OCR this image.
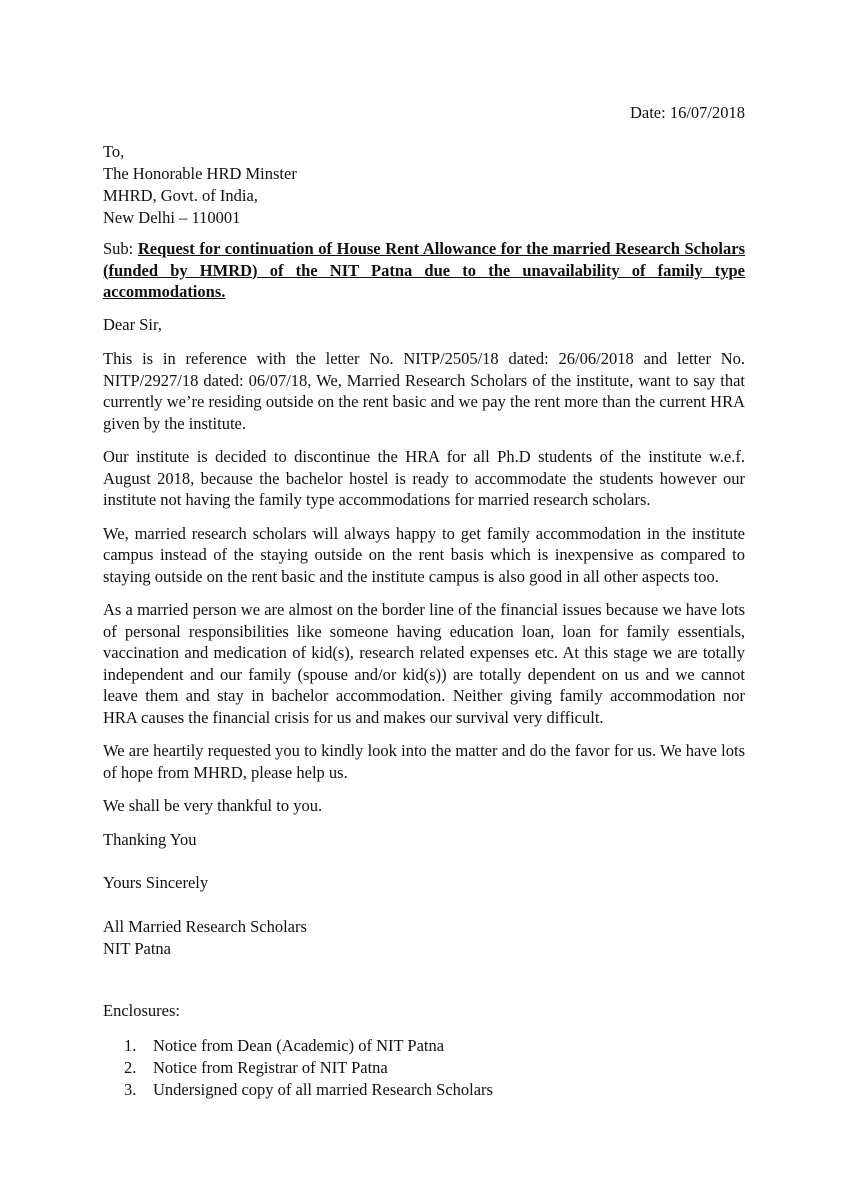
Date: 16/07/2018
To,
The Honorable HRD Minster
MHRD, Govt. of India,
New Delhi – 110001

Sub: Request for continuation of House Rent Allowance for the married Research Scholars (funded by HMRD) of the NIT Patna due to the unavailability of family type accommodations.

Dear Sir,

This is in reference with the letter No. NITP/2505/18 dated: 26/06/2018 and letter No. NITP/2927/18 dated: 06/07/18, We, Married Research Scholars of the institute, want to say that currently we’re residing outside on the rent basic and we pay the rent more than the current HRA given by the institute.

Our institute is decided to discontinue the HRA for all Ph.D students of the institute w.e.f. August 2018, because the bachelor hostel is ready to accommodate the students however our institute not having the family type accommodations for married research scholars.

We, married research scholars will always happy to get family accommodation in the institute campus instead of the staying outside on the rent basis which is inexpensive as compared to staying outside on the rent basic and the institute campus is also good in all other aspects too.

As a married person we are almost on the border line of the financial issues because we have lots of personal responsibilities like someone having education loan, loan for family essentials, vaccination and medication of kid(s), research related expenses etc. At this stage we are totally independent and our family (spouse and/or kid(s)) are totally dependent on us and we cannot leave them and stay in bachelor accommodation. Neither giving family accommodation nor HRA causes the financial crisis for us and makes our survival very difficult.

We are heartily requested you to kindly look into the matter and do the favor for us. We have lots of hope from MHRD, please help us.

We shall be very thankful to you.

Thanking You

Yours Sincerely

All Married Research Scholars
NIT Patna
Enclosures:
1.	Notice from Dean (Academic) of NIT Patna
2.	Notice from Registrar of NIT Patna
3.	Undersigned copy of all married Research Scholars
